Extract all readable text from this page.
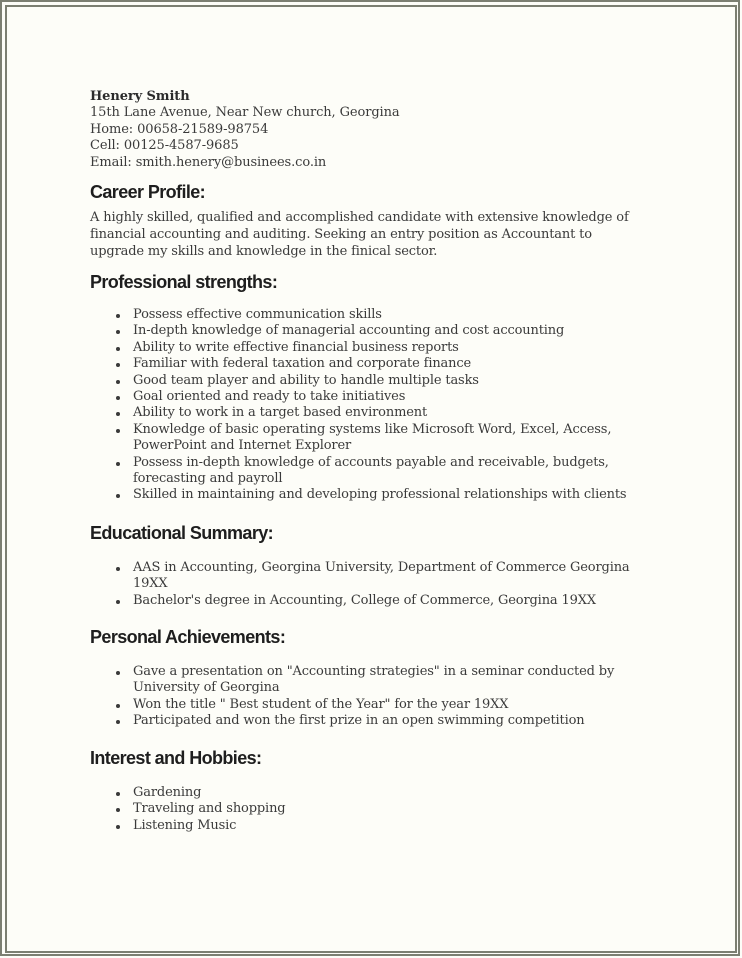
Henery Smith
15th Lane Avenue, Near New church, Georgina
Home: 00658-21589-98754
Cell: 00125-4587-9685
Email: smith.henery@businees.co.in
Career Profile:

A highly skilled, qualified and accomplished candidate with extensive knowledge of financial accounting and auditing. Seeking an entry position as Accountant to upgrade my skills and knowledge in the finical sector.

Professional strengths:
Possess effective communication skills
In-depth knowledge of managerial accounting and cost accounting
Ability to write effective financial business reports
Familiar with federal taxation and corporate finance
Good team player and ability to handle multiple tasks
Goal oriented and ready to take initiatives
Ability to work in a target based environment
Knowledge of basic operating systems like Microsoft Word, Excel, Access, PowerPoint and Internet Explorer
Possess in-depth knowledge of accounts payable and receivable, budgets, forecasting and payroll
Skilled in maintaining and developing professional relationships with clients
Educational Summary:
AAS in Accounting, Georgina University, Department of Commerce Georgina 19XX
Bachelor's degree in Accounting, College of Commerce, Georgina 19XX
Personal Achievements:
Gave a presentation on "Accounting strategies" in a seminar conducted by University of Georgina
Won the title " Best student of the Year" for the year 19XX
Participated and won the first prize in an open swimming competition
Interest and Hobbies:
Gardening
Traveling and shopping
Listening Music
